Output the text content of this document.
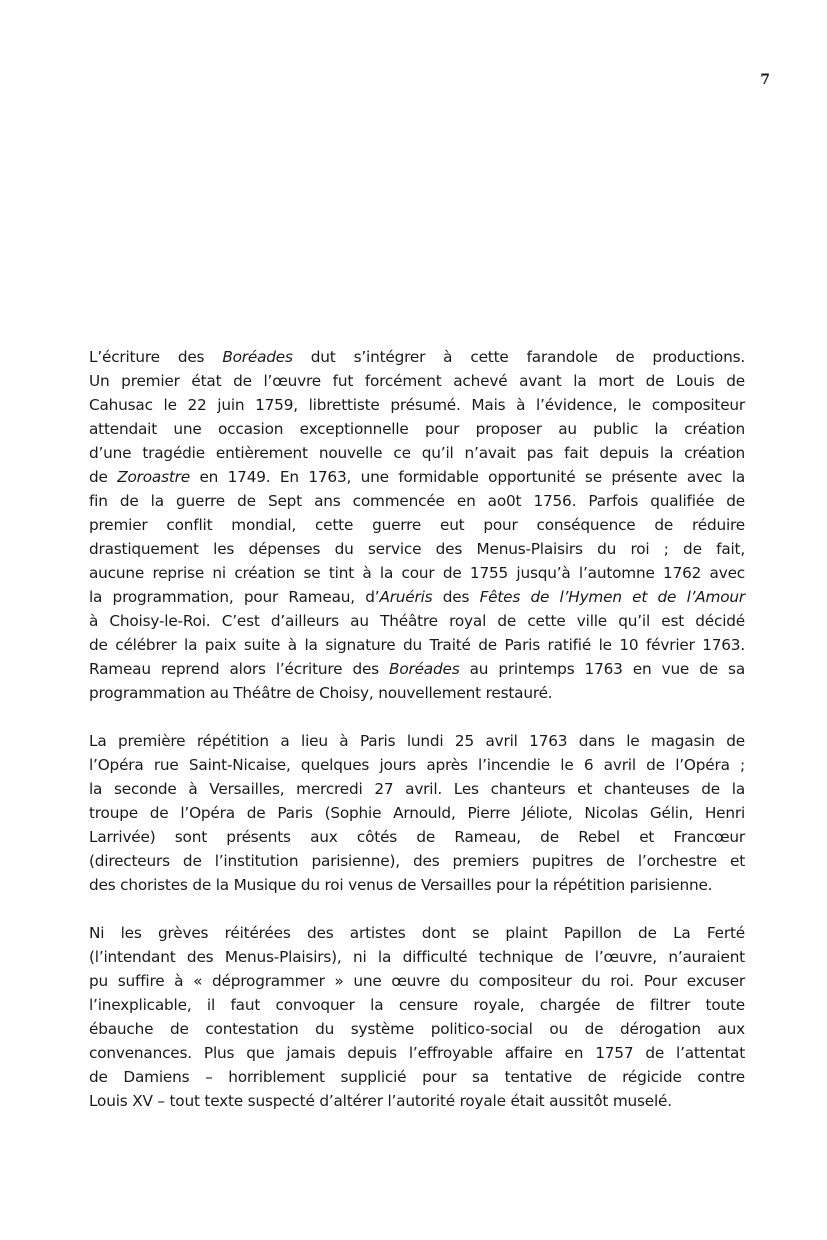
7

L’écriture des Boréades dut s’intégrer à cette farandole de productions.
Un premier état de l’œuvre fut forcément achevé avant la mort de Louis de
Cahusac le 22 juin 1759, librettiste présumé. Mais à l’évidence, le compositeur
attendait une occasion exceptionnelle pour proposer au public la création
d’une tragédie entièrement nouvelle ce qu’il n’avait pas fait depuis la création
de Zoroastre en 1749. En 1763, une formidable opportunité se présente avec la
fin de la guerre de Sept ans commencée en ao0t 1756. Parfois qualifiée de
premier conflit mondial, cette guerre eut pour conséquence de réduire
drastiquement les dépenses du service des Menus-Plaisirs du roi ; de fait,
aucune reprise ni création se tint à la cour de 1755 jusqu’à l’automne 1762 avec
la programmation, pour Rameau, d’Aruéris des Fêtes de l’Hymen et de l’Amour
à Choisy-le-Roi. C’est d’ailleurs au Théâtre royal de cette ville qu’il est décidé
de célébrer la paix suite à la signature du Traité de Paris ratifié le 10 février 1763.
Rameau reprend alors l’écriture des Boréades au printemps 1763 en vue de sa
programmation au Théâtre de Choisy, nouvellement restauré.

La première répétition a lieu à Paris lundi 25 avril 1763 dans le magasin de
l’Opéra rue Saint-Nicaise, quelques jours après l’incendie le 6 avril de l’Opéra ;
la seconde à Versailles, mercredi 27 avril. Les chanteurs et chanteuses de la
troupe de l’Opéra de Paris (Sophie Arnould, Pierre Jéliote, Nicolas Gélin, Henri
Larrivée) sont présents aux côtés de Rameau, de Rebel et Francœur
(directeurs de l’institution parisienne), des premiers pupitres de l’orchestre et
des choristes de la Musique du roi venus de Versailles pour la répétition parisienne.

Ni les grèves réitérées des artistes dont se plaint Papillon de La Ferté
(l’intendant des Menus-Plaisirs), ni la difficulté technique de l’œuvre, n’auraient
pu suffire à « déprogrammer » une œuvre du compositeur du roi. Pour excuser
l’inexplicable, il faut convoquer la censure royale, chargée de filtrer toute
ébauche de contestation du système politico-social ou de dérogation aux
convenances. Plus que jamais depuis l’effroyable affaire en 1757 de l’attentat
de Damiens – horriblement supplicié pour sa tentative de régicide contre
Louis XV – tout texte suspecté d’altérer l’autorité royale était aussitôt muselé.
